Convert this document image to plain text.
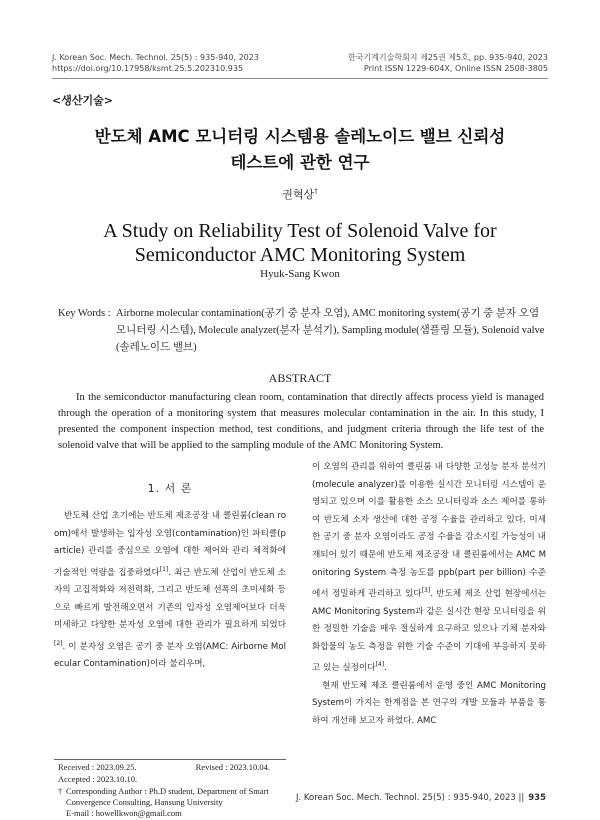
J. Korean Soc. Mech. Technol. 25(5) : 935-940, 2023
https://doi.org/10.17958/ksmt.25.5.202310.935
한국기계기술학회지 제25권 제5호, pp. 935-940, 2023
Print ISSN 1229-604X, Online ISSN 2508-3805
<생산기술>
반도체 AMC 모니터링 시스템용 솔레노이드 밸브 신뢰성
테스트에 관한 연구
권혁상†
A Study on Reliability Test of Solenoid Valve for
Semiconductor AMC Monitoring System
Hyuk-Sang Kwon
Key Words : Airborne molecular contamination(공기 중 분자 오염), AMC monitoring system(공기 중 분자 오염 모니터링 시스템), Molecule analyzer(분자 분석기), Sampling module(샘플링 모듈), Solenoid valve (솔레노이드 밸브)
ABSTRACT
In the semiconductor manufacturing clean room, contamination that directly affects process yield is managed through the operation of a monitoring system that measures molecular contamination in the air. In this study, I presented the component inspection method, test conditions, and judgment criteria through the life test of the solenoid valve that will be applied to the sampling module of the AMC Monitoring System.
1. 서 론

반도체 산업 초기에는 반도체 제조공장 내 클린룸(clean room)에서 발생하는 입자성 오염(contamination)인 파티클(particle) 관리를 중심으로 오염에 대한 제어와 관리 체적화에 기술적인 역량을 집중하였다[1]. 최근 반도체 산업이 반도체 소자의 고집적화와 저전력화, 그리고 반도체 선폭의 초미세화 등으로 빠르게 발전해오면서 기존의 입자성 오염제어보다 더욱 미세하고 다양한 분자성 오염에 대한 관리가 필요하게 되었다[2]. 이 분자성 오염은 공기 중 분자 오염(AMC: Airborne Molecular Contamination)이라 불리우며,

이 오염의 관리를 위하여 클린룸 내 다양한 고성능 분자 분석기(molecule analyzer)를 이용한 실시간 모니터링 시스템이 운영되고 있으며 이를 활용한 소스 모니터링과 소스 제어를 통하여 반도체 소자 생산에 대한 공정 수율을 관리하고 있다. 미세한 공기 중 분자 오염이라도 공정 수율을 감소시킬 가능성이 내재되어 있기 때문에 반도체 제조공장 내 클린룸에서는 AMC Monitoring System 측정 농도를 ppb(part per billion) 수준에서 정밀하게 관리하고 있다[3]. 반도체 제조 산업 현장에서는 AMC Monitoring System과 같은 실시간 현장 모니터링을 위한 정밀한 기술을 매우 절실하게 요구하고 있으나 기체 분자와 화합물의 농도 측정을 위한 기술 수준이 기대에 부응하지 못하고 있는 실정이다[4].

현재 반도체 제조 클린룸에서 운영 중인 AMC Monitoring System이 가지는 한계점을 본 연구의 개발 모듈과 부품을 통하여 개선해 보고자 하였다. AMC

Received : 2023.09.25.	Revised : 2023.10.04.
Accepted : 2023.10.10.
† Corresponding Author : Ph.D student, Department of Smart Convergence Consulting, Hansung University
E-mail : howellkwon@gmail.com
J. Korean Soc. Mech. Technol. 25(5) : 935-940, 2023 || 935
